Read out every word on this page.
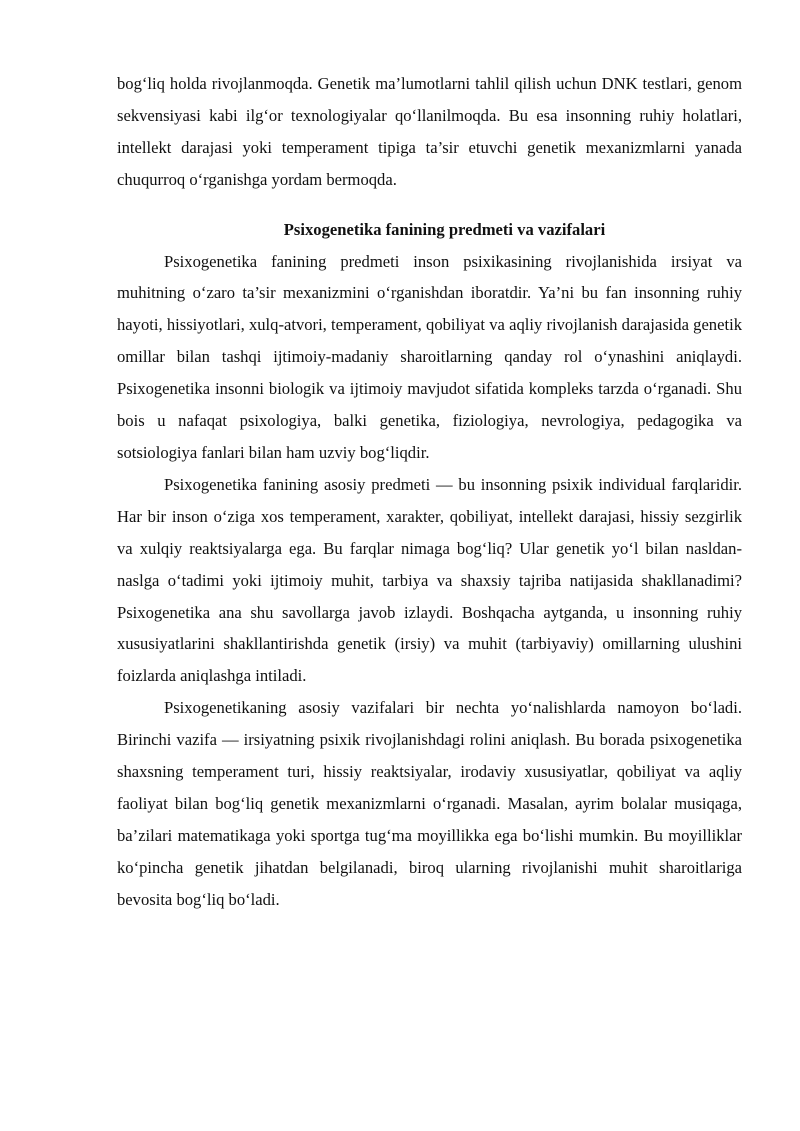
bog‘liq holda rivojlanmoqda. Genetik ma’lumotlarni tahlil qilish uchun DNK testlari, genom sekvensiyasi kabi ilg‘or texnologiyalar qo‘llanilmoqda. Bu esa insonning ruhiy holatlari, intellekt darajasi yoki temperament tipiga ta’sir etuvchi genetik mexanizmlarni yanada chuqurroq o‘rganishga yordam bermoqda.

Psixogenetika fanining predmeti va vazifalari

Psixogenetika fanining predmeti inson psixikasining rivojlanishida irsiyat va muhitning o‘zaro ta’sir mexanizmini o‘rganishdan iboratdir. Ya’ni bu fan insonning ruhiy hayoti, hissiyotlari, xulq-atvori, temperament, qobiliyat va aqliy rivojlanish darajasida genetik omillar bilan tashqi ijtimoiy-madaniy sharoitlarning qanday rol o‘ynashini aniqlaydi. Psixogenetika insonni biologik va ijtimoiy mavjudot sifatida kompleks tarzda o‘rganadi. Shu bois u nafaqat psixologiya, balki genetika, fiziologiya, nevrologiya, pedagogika va sotsiologiya fanlari bilan ham uzviy bog‘liqdir.

Psixogenetika fanining asosiy predmeti — bu insonning psixik individual farqlaridir. Har bir inson o‘ziga xos temperament, xarakter, qobiliyat, intellekt darajasi, hissiy sezgirlik va xulqiy reaktsiyalarga ega. Bu farqlar nimaga bog‘liq? Ular genetik yo‘l bilan nasldan-naslga o‘tadimi yoki ijtimoiy muhit, tarbiya va shaxsiy tajriba natijasida shakllanadimi? Psixogenetika ana shu savollarga javob izlaydi. Boshqacha aytganda, u insonning ruhiy xususiyatlarini shakllantirishda genetik (irsiy) va muhit (tarbiyaviy) omillarning ulushini foizlarda aniqlashga intiladi.

Psixogenetikaning asosiy vazifalari bir nechta yo‘nalishlarda namoyon bo‘ladi. Birinchi vazifa — irsiyatning psixik rivojlanishdagi rolini aniqlash. Bu borada psixogenetika shaxsning temperament turi, hissiy reaktsiyalar, irodaviy xususiyatlar, qobiliyat va aqliy faoliyat bilan bog‘liq genetik mexanizmlarni o‘rganadi. Masalan, ayrim bolalar musiqaga, ba’zilari matematikaga yoki sportga tug‘ma moyillikka ega bo‘lishi mumkin. Bu moyilliklar ko‘pincha genetik jihatdan belgilanadi, biroq ularning rivojlanishi muhit sharoitlariga bevosita bog‘liq bo‘ladi.
